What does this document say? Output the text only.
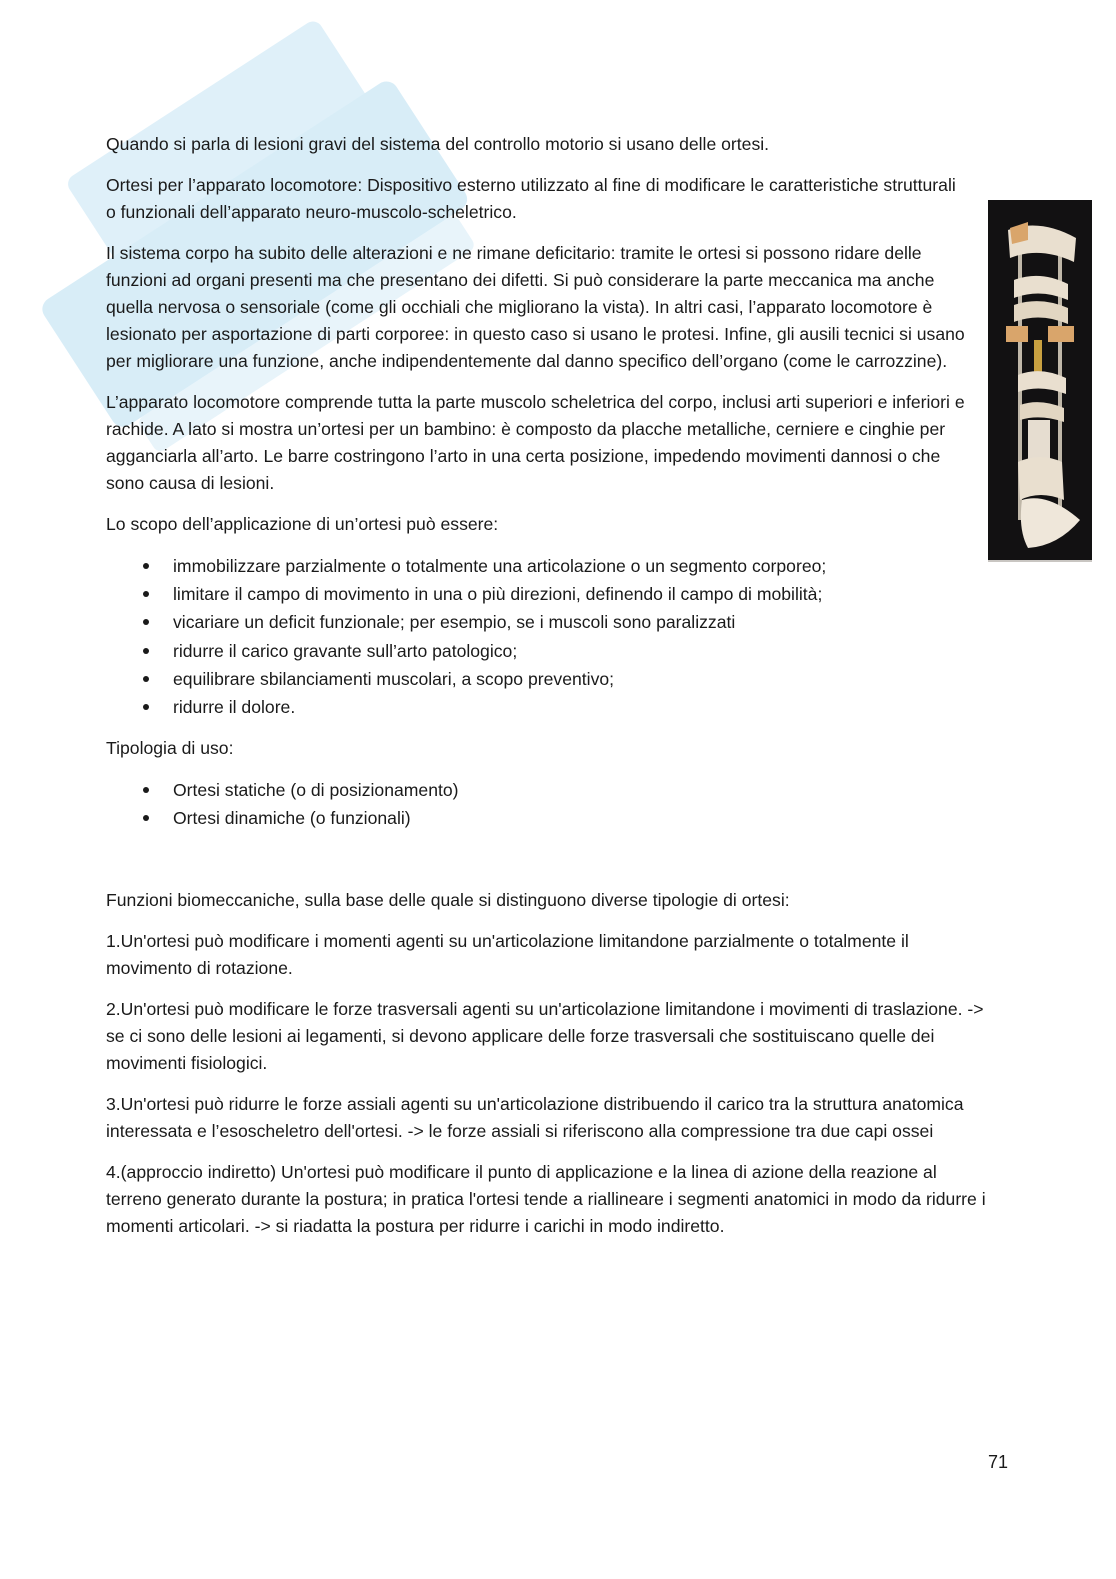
Quando si parla di lesioni gravi del sistema del controllo motorio si usano delle ortesi.

Ortesi per l’apparato locomotore: Dispositivo esterno utilizzato al fine di modificare le caratteristiche strutturali o funzionali dell’apparato neuro-muscolo-scheletrico.

Il sistema corpo ha subito delle alterazioni e ne rimane deficitario: tramite le ortesi si possono ridare delle funzioni ad organi presenti ma che presentano dei difetti. Si può considerare la parte meccanica ma anche quella nervosa o sensoriale (come gli occhiali che migliorano la vista). In altri casi, l’apparato locomotore è lesionato per asportazione di parti corporee: in questo caso si usano le protesi. Infine, gli ausili tecnici si usano per migliorare una funzione, anche indipendentemente dal danno specifico dell’organo (come le carrozzine).

L’apparato locomotore comprende tutta la parte muscolo scheletrica del corpo, inclusi arti superiori e inferiori e rachide. A lato si mostra un’ortesi per un bambino: è composto da placche metalliche, cerniere e cinghie per agganciarla all’arto. Le barre costringono l’arto in una certa posizione, impedendo movimenti dannosi o che sono causa di lesioni.

Lo scopo dell’applicazione di un’ortesi può essere:

immobilizzare parzialmente o totalmente una articolazione o un segmento corporeo;
limitare il campo di movimento in una o più direzioni, definendo il campo di mobilità;
vicariare un deficit funzionale; per esempio, se i muscoli sono paralizzati
ridurre il carico gravante sull’arto patologico;
equilibrare sbilanciamenti muscolari, a scopo preventivo;
ridurre il dolore.

Tipologia di uso:

Ortesi statiche (o di posizionamento)
Ortesi dinamiche (o funzionali)

Funzioni biomeccaniche, sulla base delle quale si distinguono diverse tipologie di ortesi:

1.Un'ortesi può modificare i momenti agenti su un'articolazione limitandone parzialmente o totalmente il movimento di rotazione.

2.Un'ortesi può modificare le forze trasversali agenti su un'articolazione limitandone i movimenti di traslazione. -> se ci sono delle lesioni ai legamenti, si devono applicare delle forze trasversali che sostituiscano quelle dei movimenti fisiologici.

3.Un'ortesi può ridurre le forze assiali agenti su un'articolazione distribuendo il carico tra la struttura anatomica interessata e l’esoscheletro dell'ortesi. -> le forze assiali si riferiscono alla compressione tra due capi ossei

4.(approccio indiretto) Un'ortesi può modificare il punto di applicazione e la linea di azione della reazione al terreno generato durante la postura; in pratica l'ortesi tende a riallineare i segmenti anatomici in modo da ridurre i momenti articolari. -> si riadatta la postura per ridurre i carichi in modo indiretto.

71
